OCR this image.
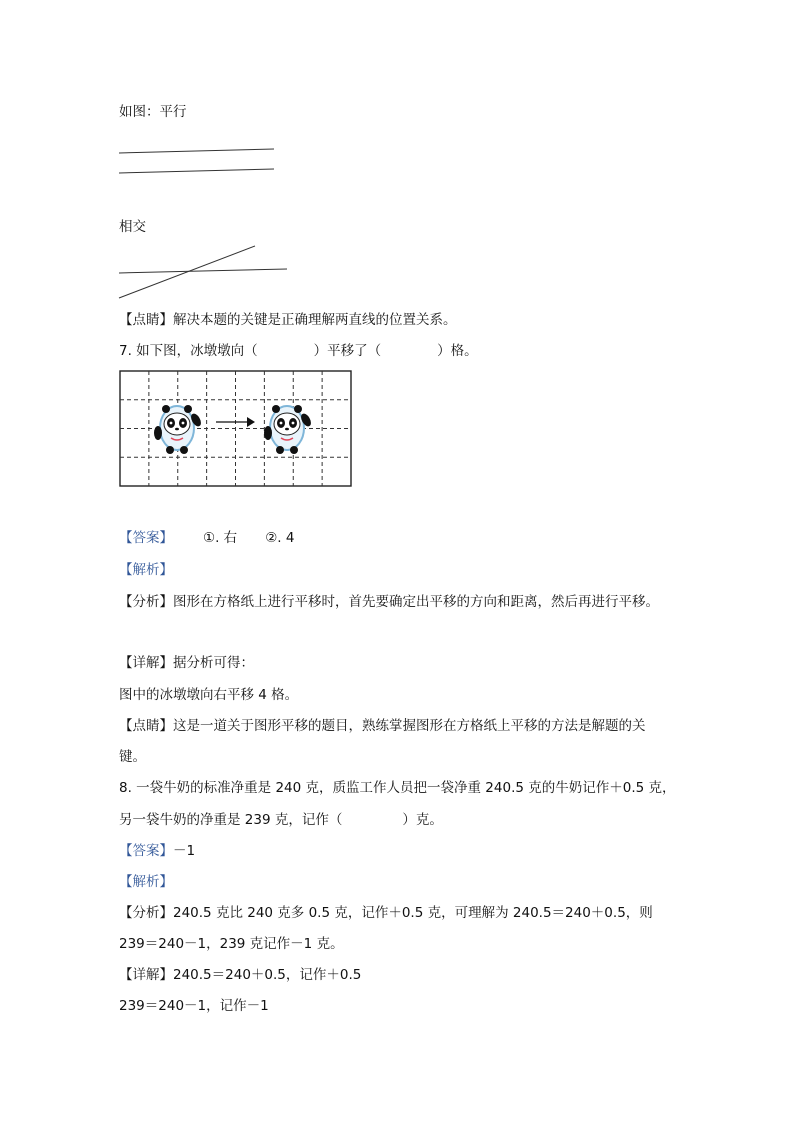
如图：平行
相交
【点睛】解决本题的关键是正确理解两直线的位置关系。
7. 如下图，冰墩墩向（	）平移了（	）格。
【答案】 ①. 右 ②. 4
【解析】
【分析】图形在方格纸上进行平移时，首先要确定出平移的方向和距离，然后再进行平移。
【详解】据分析可得：
图中的冰墩墩向右平移 4 格。
【点睛】这是一道关于图形平移的题目，熟练掌握图形在方格纸上平移的方法是解题的关
键。
8. 一袋牛奶的标准净重是 240 克，质监工作人员把一袋净重 240.5 克的牛奶记作＋0.5 克，
另一袋牛奶的净重是 239 克，记作（	）克。
【答案】－1
【解析】
【分析】240.5 克比 240 克多 0.5 克，记作＋0.5 克，可理解为 240.5＝240＋0.5，则
239＝240－1，239 克记作－1 克。
【详解】240.5＝240＋0.5，记作＋0.5
239＝240－1，记作－1
